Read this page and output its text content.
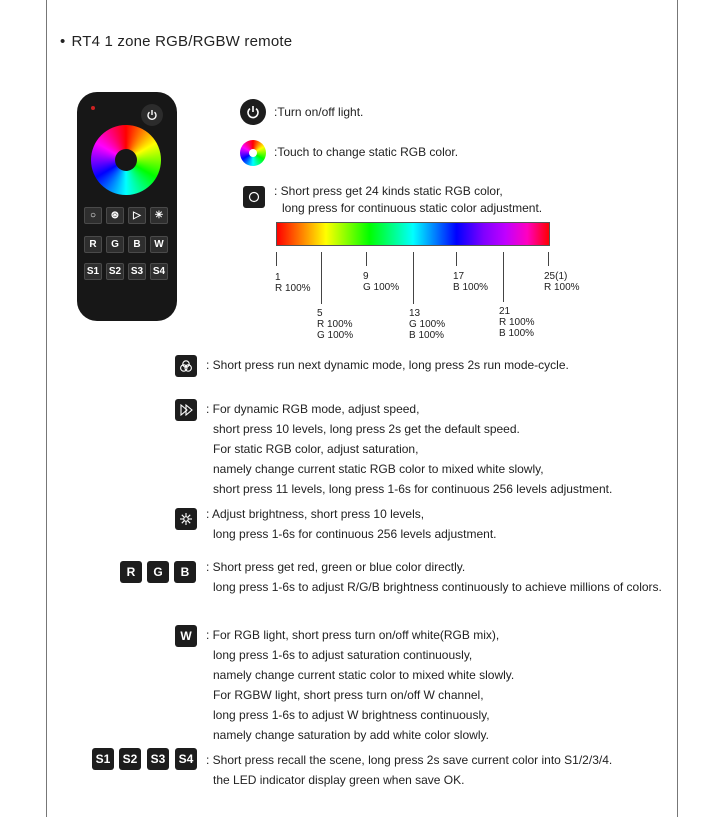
• RT4 1 zone RGB/RGBW remote
○	⊛	▷	✳
R	G	B	W
S1 S2 S3 S4
:Turn on/off light.
:Touch to change static RGB color.
: Short press get 24 kinds static RGB color,
long press for continuous static color adjustment.
1
R 100%
5
R 100%
G 100%
9
G 100%
13
G 100%
B 100%
17
B 100%
21
R 100%
B 100%
25(1)
R 100%
: Short press run next dynamic mode, long press 2s run mode-cycle.
: For dynamic RGB mode, adjust speed,
short press 10 levels, long press 2s get the default speed.
For static RGB color, adjust saturation,
namely change current static RGB color to mixed white slowly,
short press 11 levels, long press 1-6s for continuous 256 levels adjustment.
: Adjust brightness, short press 10 levels,
long press 1-6s for continuous 256 levels adjustment.
R	G	B	: Short press get red, green or blue color directly.
long press 1-6s to adjust R/G/B brightness continuously to achieve millions of colors.
W	: For RGB light, short press turn on/off white(RGB mix),
long press 1-6s to adjust saturation continuously,
namely change current static color to mixed white slowly.
For RGBW light, short press turn on/off W channel,
long press 1-6s to adjust W brightness continuously,
namely change saturation by add white color slowly.
S1	S2	S3	S4	: Short press recall the scene, long press 2s save current color into S1/2/3/4.
the LED indicator display green when save OK.
